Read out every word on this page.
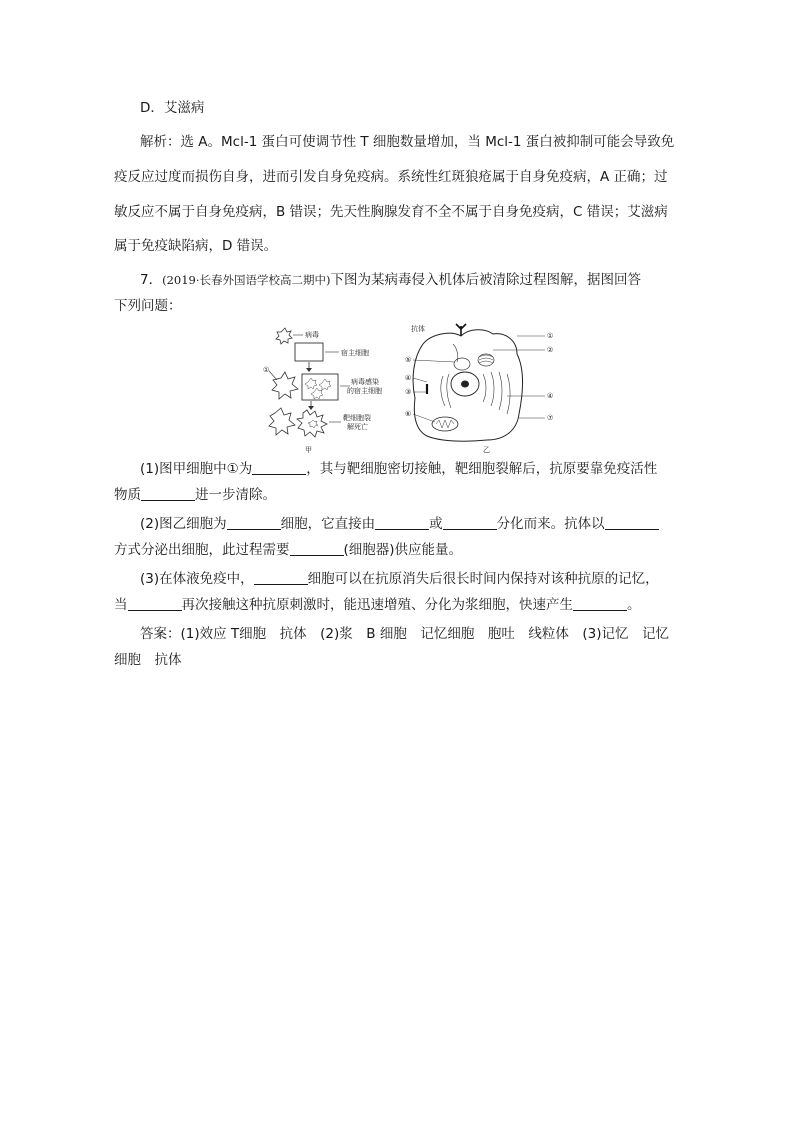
D．艾滋病
解析：选 A。Mcl-1 蛋白可使调节性 T 细胞数量增加，当 Mcl-1 蛋白被抑制可能会导致免
疫反应过度而损伤自身，进而引发自身免疫病。系统性红斑狼疮属于自身免疫病，A 正确；过
敏反应不属于自身免疫病，B 错误；先天性胸腺发育不全不属于自身免疫病，C 错误；艾滋病
属于免疫缺陷病，D 错误。
7．(2019·长春外国语学校高二期中)下图为某病毒侵入机体后被清除过程图解，据图回答
下列问题：
病毒
宿主细胞
①
病毒感染
的宿主细胞
靶细胞裂
解死亡
甲
抗体
①
②
④
⑦
⑤
④
③
⑥
乙
(1)图甲细胞中①为	，其与靶细胞密切接触，靶细胞裂解后，抗原要靠免疫活性
物质	进一步清除。
(2)图乙细胞为	细胞，它直接由	或	分化而来。抗体以
方式分泌出细胞，此过程需要	(细胞器)供应能量。
(3)在体液免疫中，	细胞可以在抗原消失后很长时间内保持对该种抗原的记忆，
当	再次接触这种抗原刺激时，能迅速增殖、分化为浆细胞，快速产生	。
答案：(1)效应 T细胞　抗体　(2)浆　B 细胞　记忆细胞　胞吐　线粒体　(3)记忆　记忆
细胞　抗体
